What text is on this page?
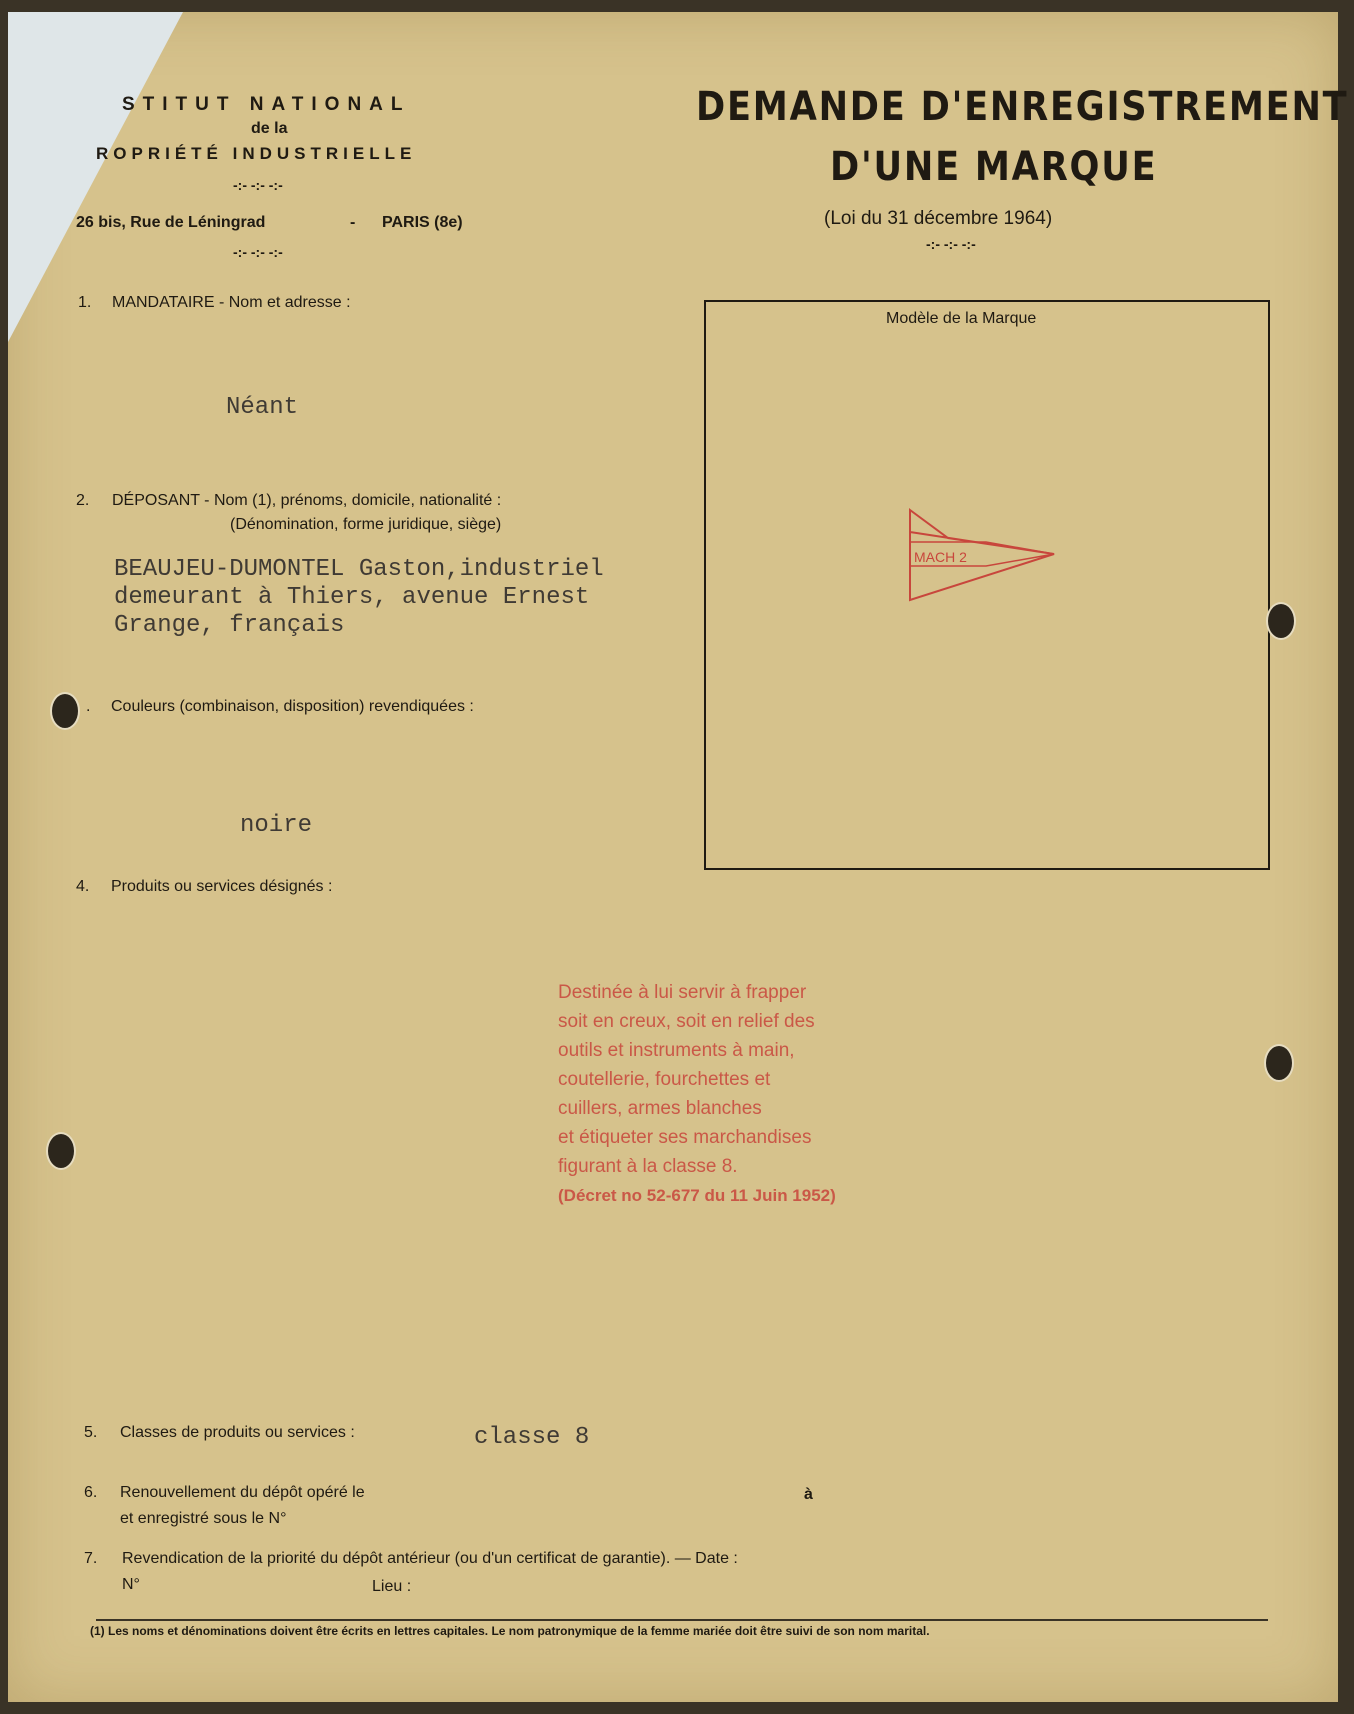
STITUT NATIONAL
de la
ROPRIÉTÉ INDUSTRIELLE
-:- -:- -:-
26 bis, Rue de Léningrad	- PARIS (8e)
-:- -:- -:-
DEMANDE D'ENREGISTREMENT
D'UNE MARQUE
(Loi du 31 décembre 1964)
-:- -:- -:-
1. MANDATAIRE - Nom et adresse :
Néant
2. DÉPOSANT - Nom (1), prénoms, domicile, nationalité :
(Dénomination, forme juridique, siège)
BEAUJEU-DUMONTEL Gaston,industriel
demeurant à Thiers, avenue Ernest
Grange, français
. Couleurs (combinaison, disposition) revendiquées :
noire
4. Produits ou services désignés :
Modèle de la Marque
MACH 2
Destinée à lui servir à frapper
soit en creux, soit en relief des
outils et instruments à main,
coutellerie, fourchettes et
cuillers, armes blanches
et étiqueter ses marchandises
figurant à la classe 8.
(Décret no 52-677 du 11 Juin 1952)
5. Classes de produits ou services :	classe 8
6. Renouvellement du dépôt opéré le	à
et enregistré sous le N°
7. Revendication de la priorité du dépôt antérieur (ou d'un certificat de garantie). — Date :
N°	Lieu :
(1) Les noms et dénominations doivent être écrits en lettres capitales. Le nom patronymique de la femme mariée doit être suivi de son nom marital.
